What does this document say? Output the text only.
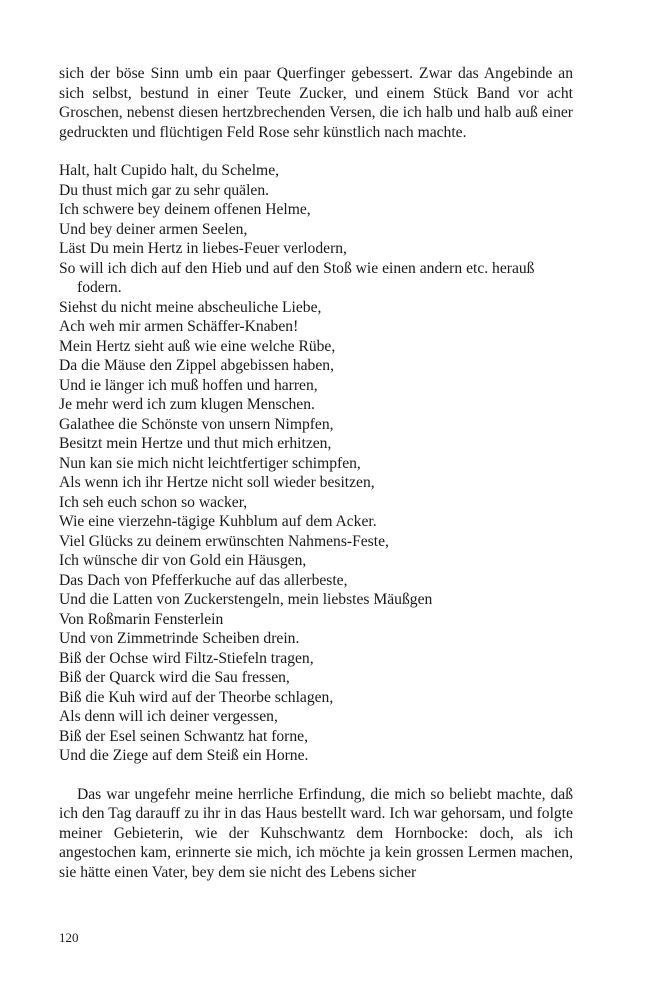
sich der böse Sinn umb ein paar Querfinger gebessert. Zwar das Angebinde an sich selbst, bestund in einer Teute Zucker, und einem Stück Band vor acht Groschen, nebenst diesen hertzbrechenden Versen, die ich halb und halb auß einer gedruckten und flüchtigen Feld Rose sehr künstlich nach machte.

Halt, halt Cupido halt, du Schelme,
Du thust mich gar zu sehr quälen.
Ich schwere bey deinem offenen Helme,
Und bey deiner armen Seelen,
Läst Du mein Hertz in liebes-Feuer verlodern,
So will ich dich auf den Hieb und auf den Stoß wie einen andern etc. herauß fodern.
Siehst du nicht meine abscheuliche Liebe,
Ach weh mir armen Schäffer-Knaben!
Mein Hertz sieht auß wie eine welche Rübe,
Da die Mäuse den Zippel abgebissen haben,
Und ie länger ich muß hoffen und harren,
Je mehr werd ich zum klugen Menschen.
Galathee die Schönste von unsern Nimpfen,
Besitzt mein Hertze und thut mich erhitzen,
Nun kan sie mich nicht leichtfertiger schimpfen,
Als wenn ich ihr Hertze nicht soll wieder besitzen,
Ich seh euch schon so wacker,
Wie eine vierzehn-tägige Kuhblum auf dem Acker.
Viel Glücks zu deinem erwünschten Nahmens-Feste,
Ich wünsche dir von Gold ein Häusgen,
Das Dach von Pfefferkuche auf das allerbeste,
Und die Latten von Zuckerstengeln, mein liebstes Mäußgen
Von Roßmarin Fensterlein
Und von Zimmetrinde Scheiben drein.
Biß der Ochse wird Filtz-Stiefeln tragen,
Biß der Quarck wird die Sau fressen,
Biß die Kuh wird auf der Theorbe schlagen,
Als denn will ich deiner vergessen,
Biß der Esel seinen Schwantz hat forne,
Und die Ziege auf dem Steiß ein Horne.

Das war ungefehr meine herrliche Erfindung, die mich so beliebt machte, daß ich den Tag darauff zu ihr in das Haus bestellt ward. Ich war gehorsam, und folgte meiner Gebieterin, wie der Kuhschwantz dem Hornbocke: doch, als ich angestochen kam, erinnerte sie mich, ich möchte ja kein grossen Lermen machen, sie hätte einen Vater, bey dem sie nicht des Lebens sicher

120
